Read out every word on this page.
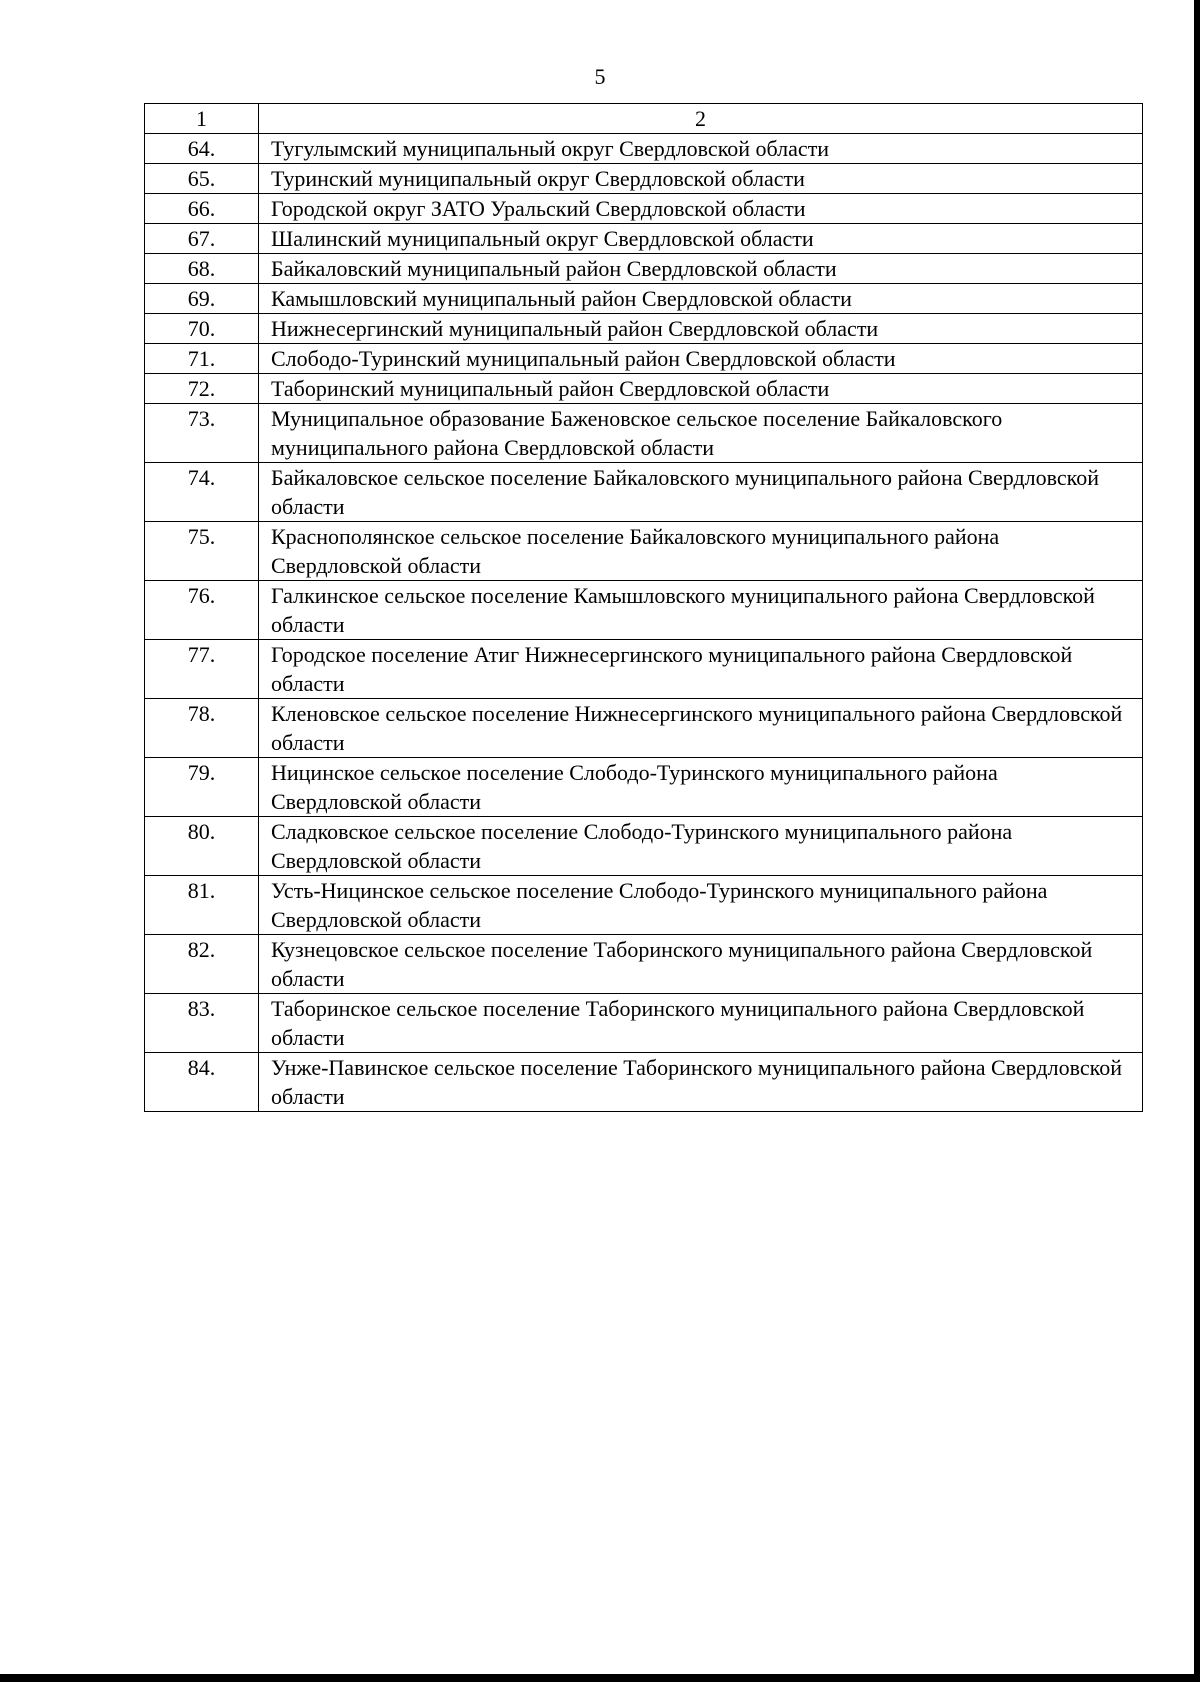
5
1	2
64.	Тугулымский муниципальный округ Свердловской области
65.	Туринский муниципальный округ Свердловской области
66.	Городской округ ЗАТО Уральский Свердловской области
67.	Шалинский муниципальный округ Свердловской области
68.	Байкаловский муниципальный район Свердловской области
69.	Камышловский муниципальный район Свердловской области
70.	Нижнесергинский муниципальный район Свердловской области
71.	Слободо-Туринский муниципальный район Свердловской области
72.	Таборинский муниципальный район Свердловской области
73.	Муниципальное образование Баженовское сельское поселение Байкаловского муниципального района Свердловской области
74.	Байкаловское сельское поселение Байкаловского муниципального района Свердловской области
75.	Краснополянское сельское поселение Байкаловского муниципального района Свердловской области
76.	Галкинское сельское поселение Камышловского муниципального района Свердловской области
77.	Городское поселение Атиг Нижнесергинского муниципального района Свердловской области
78.	Кленовское сельское поселение Нижнесергинского муниципального района Свердловской области
79.	Ницинское сельское поселение Слободо-Туринского муниципального района Свердловской области
80.	Сладковское сельское поселение Слободо-Туринского муниципального района Свердловской области
81.	Усть-Ницинское сельское поселение Слободо-Туринского муниципального района Свердловской области
82.	Кузнецовское сельское поселение Таборинского муниципального района Свердловской области
83.	Таборинское сельское поселение Таборинского муниципального района Свердловской области
84.	Унже-Павинское сельское поселение Таборинского муниципального района Свердловской области
